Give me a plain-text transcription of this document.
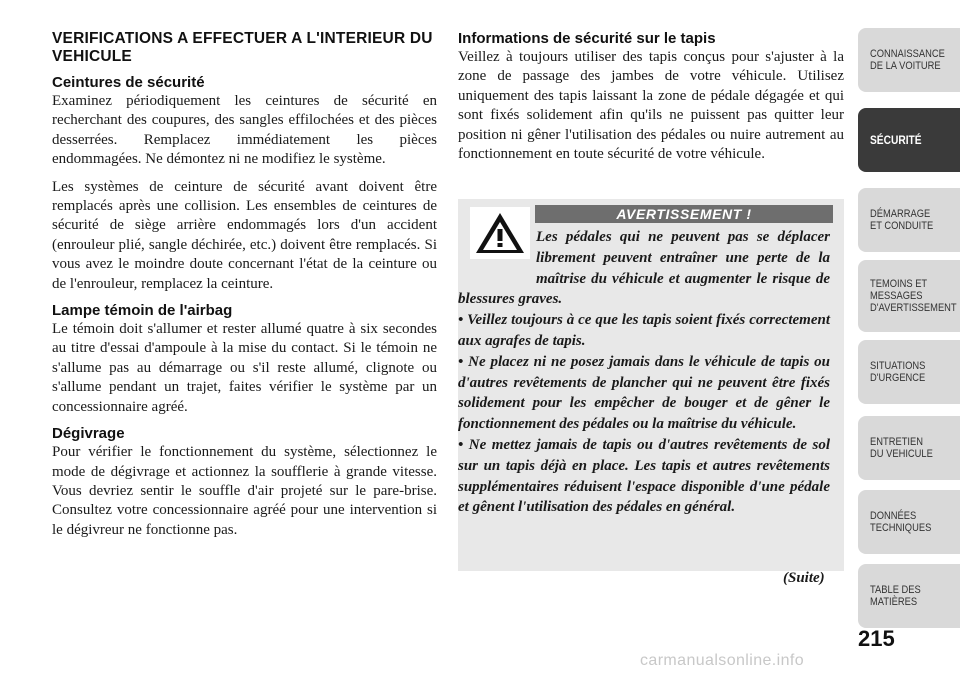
VERIFICATIONS A EFFECTUER A L'INTERIEUR DU VEHICULE
Ceintures de sécurité

Examinez périodiquement les ceintures de sécurité en recherchant des coupures, des sangles effilochées et des pièces desserrées. Remplacez immédiatement les pièces endommagées. Ne démontez ni ne modifiez le système.

Les systèmes de ceinture de sécurité avant doivent être remplacés après une collision. Les ensembles de ceintures de sécurité de siège arrière endommagés lors d'un accident (enrouleur plié, sangle déchirée, etc.) doivent être remplacés. Si vous avez le moindre doute concernant l'état de la ceinture ou de l'enrouleur, remplacez la ceinture.

Lampe témoin de l'airbag

Le témoin doit s'allumer et rester allumé quatre à six secondes au titre d'essai d'ampoule à la mise du contact. Si le témoin ne s'allume pas au démarrage ou s'il reste allumé, clignote ou s'allume pendant un trajet, faites vérifier le système par un concessionnaire agréé.

Dégivrage

Pour vérifier le fonctionnement du système, sélectionnez le mode de dégivrage et actionnez la soufflerie à grande vitesse. Vous devriez sentir le souffle d'air projeté sur le pare-brise. Consultez votre concessionnaire agréé pour une intervention si le dégivreur ne fonctionne pas.

Informations de sécurité sur le tapis

Veillez à toujours utiliser des tapis conçus pour s'ajuster à la zone de passage des jambes de votre véhicule. Utilisez uniquement des tapis laissant la zone de pédale dégagée et qui sont fixés solidement afin qu'ils ne puissent pas quitter leur position ni gêner l'utilisation des pédales ou nuire autrement au fonctionnement en toute sécurité de votre véhicule.

AVERTISSEMENT !
Les pédales qui ne peuvent pas se déplacer librement peuvent entraîner une perte de la maîtrise du véhicule et augmenter le risque de blessures graves.
• Veillez toujours à ce que les tapis soient fixés correctement aux agrafes de tapis.
• Ne placez ni ne posez jamais dans le véhicule de tapis ou d'autres revêtements de plancher qui ne peuvent être fixés solidement pour les empêcher de bouger et de gêner le fonctionnement des pédales ou la maîtrise du véhicule.
• Ne mettez jamais de tapis ou d'autres revêtements de sol sur un tapis déjà en place. Les tapis et autres revêtements supplémentaires réduisent l'espace disponible d'une pédale et gênent l'utilisation des pédales en général.
(Suite)
CONNAISSANCE
DE LA VOITURE
SÉCURITÉ
DÉMARRAGE
ET CONDUITE
TEMOINS ET
MESSAGES
D'AVERTISSEMENT
SITUATIONS
D'URGENCE
ENTRETIEN
DU VEHICULE
DONNÉES
TECHNIQUES
TABLE DES
MATIÈRES
215
carmanualsonline.info
